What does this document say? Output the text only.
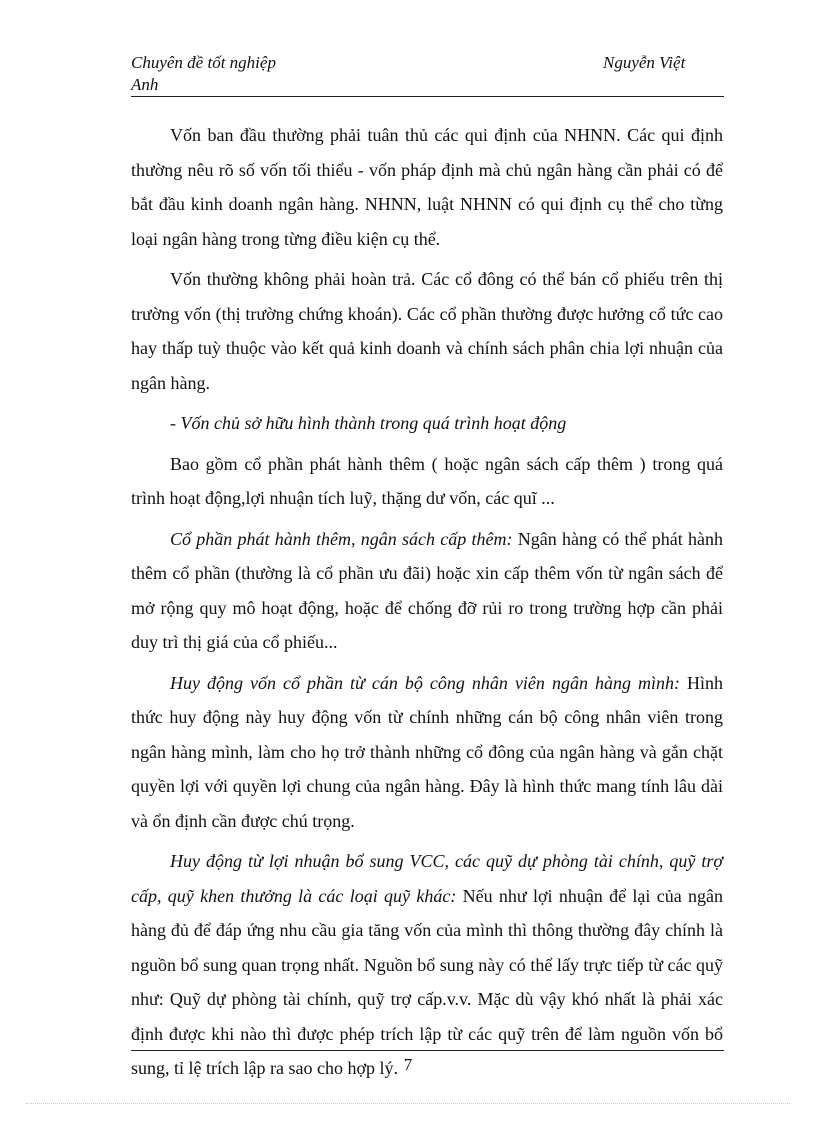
Chuyên đề tốt nghiệp	Nguyễn Việt
Anh

Vốn ban đầu thường phải tuân thủ các qui định của NHNN. Các qui định thường nêu rõ số vốn tối thiểu - vốn pháp định mà chủ ngân hàng cần phải có để bắt đầu kinh doanh ngân hàng. NHNN, luật NHNN có qui định cụ thể cho từng loại ngân hàng trong từng điều kiện cụ thể.

Vốn thường không phải hoàn trả. Các cổ đông có thể bán cổ phiếu trên thị trường vốn (thị trường chứng khoán). Các cổ phần thường được hưởng cổ tức cao hay thấp tuỳ thuộc vào kết quả kinh doanh và chính sách phân chia lợi nhuận của ngân hàng.

- Vốn chủ sở hữu hình thành trong quá trình hoạt động

Bao gồm cổ phần phát hành thêm ( hoặc ngân sách cấp thêm ) trong quá trình hoạt động,lợi nhuận tích luỹ, thặng dư vốn, các quĩ ...

Cổ phần phát hành thêm, ngân sách cấp thêm: Ngân hàng có thể phát hành thêm cổ phần (thường là cổ phần ưu đãi) hoặc xin cấp thêm vốn từ ngân sách để mở rộng quy mô hoạt động, hoặc để chống đỡ rủi ro trong trường hợp cần phải duy trì thị giá của cổ phiếu...

Huy động vốn cổ phần từ cán bộ công nhân viên ngân hàng mình: Hình thức huy động này huy động vốn từ chính những cán bộ công nhân viên trong ngân hàng mình, làm cho họ trở thành những cổ đông của ngân hàng và gắn chặt quyền lợi với quyền lợi chung của ngân hàng. Đây là hình thức mang tính lâu dài và ổn định cần được chú trọng.

Huy động từ lợi nhuận bổ sung VCC, các quỹ dự phòng tài chính, quỹ trợ cấp, quỹ khen thưởng là các loại quỹ khác: Nếu như lợi nhuận để lại của ngân hàng đủ để đáp ứng nhu cầu gia tăng vốn của mình thì thông thường đây chính là nguồn bổ sung quan trọng nhất. Nguồn bổ sung này có thể lấy trực tiếp từ các quỹ như: Quỹ dự phòng tài chính, quỹ trợ cấp.v.v. Mặc dù vậy khó nhất là phải xác định được khi nào thì được phép trích lập từ các quỹ trên để làm nguồn vốn bổ sung, tỉ lệ trích lập ra sao cho hợp lý. 7
